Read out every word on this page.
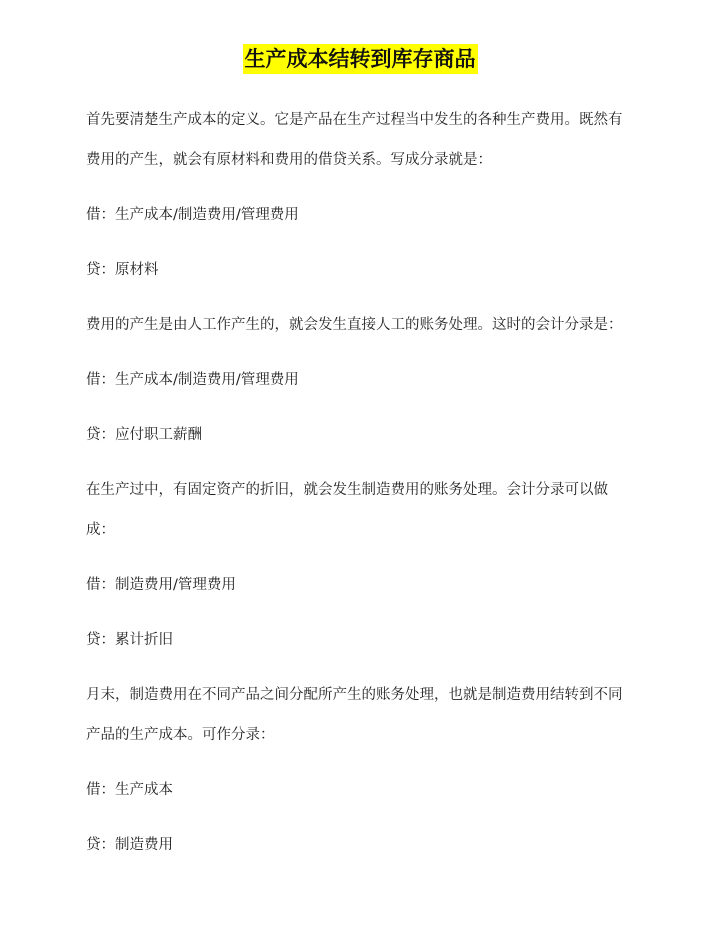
生产成本结转到库存商品

首先要清楚生产成本的定义。它是产品在生产过程当中发生的各种生产费用。既然有费用的产生，就会有原材料和费用的借贷关系。写成分录就是：

借：生产成本/制造费用/管理费用

贷：原材料

费用的产生是由人工作产生的，就会发生直接人工的账务处理。这时的会计分录是：

借：生产成本/制造费用/管理费用

贷：应付职工薪酬

在生产过中，有固定资产的折旧，就会发生制造费用的账务处理。会计分录可以做成：

借：制造费用/管理费用

贷：累计折旧

月末，制造费用在不同产品之间分配所产生的账务处理，也就是制造费用结转到不同产品的生产成本。可作分录：

借：生产成本

贷：制造费用
